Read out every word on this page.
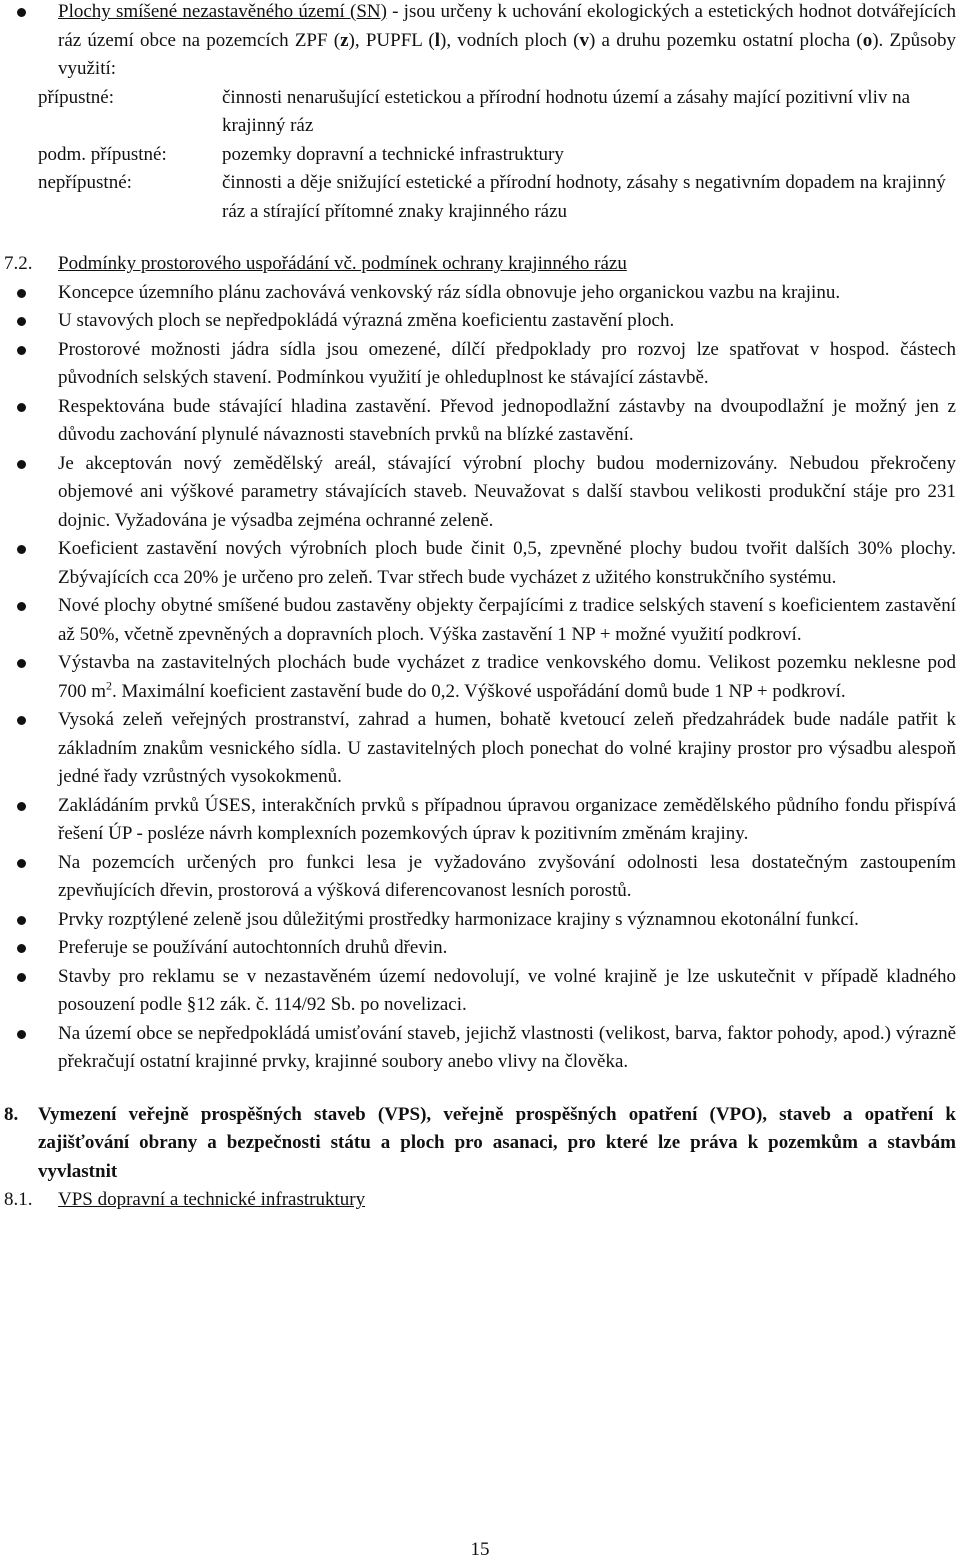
Plochy smíšené nezastavěného území (SN) - jsou určeny k uchování ekologických a estetických hodnot dotvářejících ráz území obce na pozemcích ZPF (z), PUPFL (l), vodních ploch (v) a druhu pozemku ostatní plocha (o). Způsoby využití:
přípustné:	činnosti nenarušující estetickou a přírodní hodnotu území a zásahy mající pozitivní vliv na krajinný ráz
podm. přípustné:	pozemky dopravní a technické infrastruktury
nepřípustné:	činnosti a děje snižující estetické a přírodní hodnoty, zásahy s negativním dopadem na krajinný ráz a stírající přítomné znaky krajinného rázu
7.2. Podmínky prostorového uspořádání vč. podmínek ochrany krajinného rázu
Koncepce územního plánu zachovává venkovský ráz sídla obnovuje jeho organickou vazbu na krajinu.
U stavových ploch se nepředpokládá výrazná změna koeficientu zastavění ploch.
Prostorové možnosti jádra sídla jsou omezené, dílčí předpoklady pro rozvoj lze spatřovat v hospod. částech původních selských stavení. Podmínkou využití je ohleduplnost ke stávající zástavbě.
Respektována bude stávající hladina zastavění. Převod jednopodlažní zástavby na dvoupodlažní je možný jen z důvodu zachování plynulé návaznosti stavebních prvků na blízké zastavění.
Je akceptován nový zemědělský areál, stávající výrobní plochy budou modernizovány. Nebudou překročeny objemové ani výškové parametry stávajících staveb. Neuvažovat s další stavbou velikosti produkční stáje pro 231 dojnic. Vyžadována je výsadba zejména ochranné zeleně.
Koeficient zastavění nových výrobních ploch bude činit 0,5, zpevněné plochy budou tvořit dalších 30% plochy. Zbývajících cca 20% je určeno pro zeleň. Tvar střech bude vycházet z užitého konstrukčního systému.
Nové plochy obytné smíšené budou zastavěny objekty čerpajícími z tradice selských stavení s koeficientem zastavění až 50%, včetně zpevněných a dopravních ploch. Výška zastavění 1 NP + možné využití podkroví.
Výstavba na zastavitelných plochách bude vycházet z tradice venkovského domu. Velikost pozemku neklesne pod 700 $m^2$. Maximální koeficient zastavění bude do 0,2. Výškové uspořádání domů bude 1 NP + podkroví.
Vysoká zeleň veřejných prostranství, zahrad a humen, bohatě kvetoucí zeleň předzahrádek bude nadále patřit k základním znakům vesnického sídla. U zastavitelných ploch ponechat do volné krajiny prostor pro výsadbu alespoň jedné řady vzrůstných vysokokmenů.
Zakládáním prvků ÚSES, interakčních prvků s případnou úpravou organizace zemědělského půdního fondu přispívá řešení ÚP - posléze návrh komplexních pozemkových úprav k pozitivním změnám krajiny.
Na pozemcích určených pro funkci lesa je vyžadováno zvyšování odolnosti lesa dostatečným zastoupením zpevňujících dřevin, prostorová a výšková diferencovanost lesních porostů.
Prvky rozptýlené zeleně jsou důležitými prostředky harmonizace krajiny s významnou ekotonální funkcí.
Preferuje se používání autochtonních druhů dřevin.
Stavby pro reklamu se v nezastavěném území nedovolují, ve volné krajině je lze uskutečnit v případě kladného posouzení podle §12 zák. č. 114/92 Sb. po novelizaci.
Na území obce se nepředpokládá umisťování staveb, jejichž vlastnosti (velikost, barva, faktor pohody, apod.) výrazně překračují ostatní krajinné prvky, krajinné soubory anebo vlivy na člověka.
8. Vymezení veřejně prospěšných staveb (VPS), veřejně prospěšných opatření (VPO), staveb a opatření k zajišťování obrany a bezpečnosti státu a ploch pro asanaci, pro které lze práva k pozemkům a stavbám vyvlastnit
8.1. VPS dopravní a technické infrastruktury
15
